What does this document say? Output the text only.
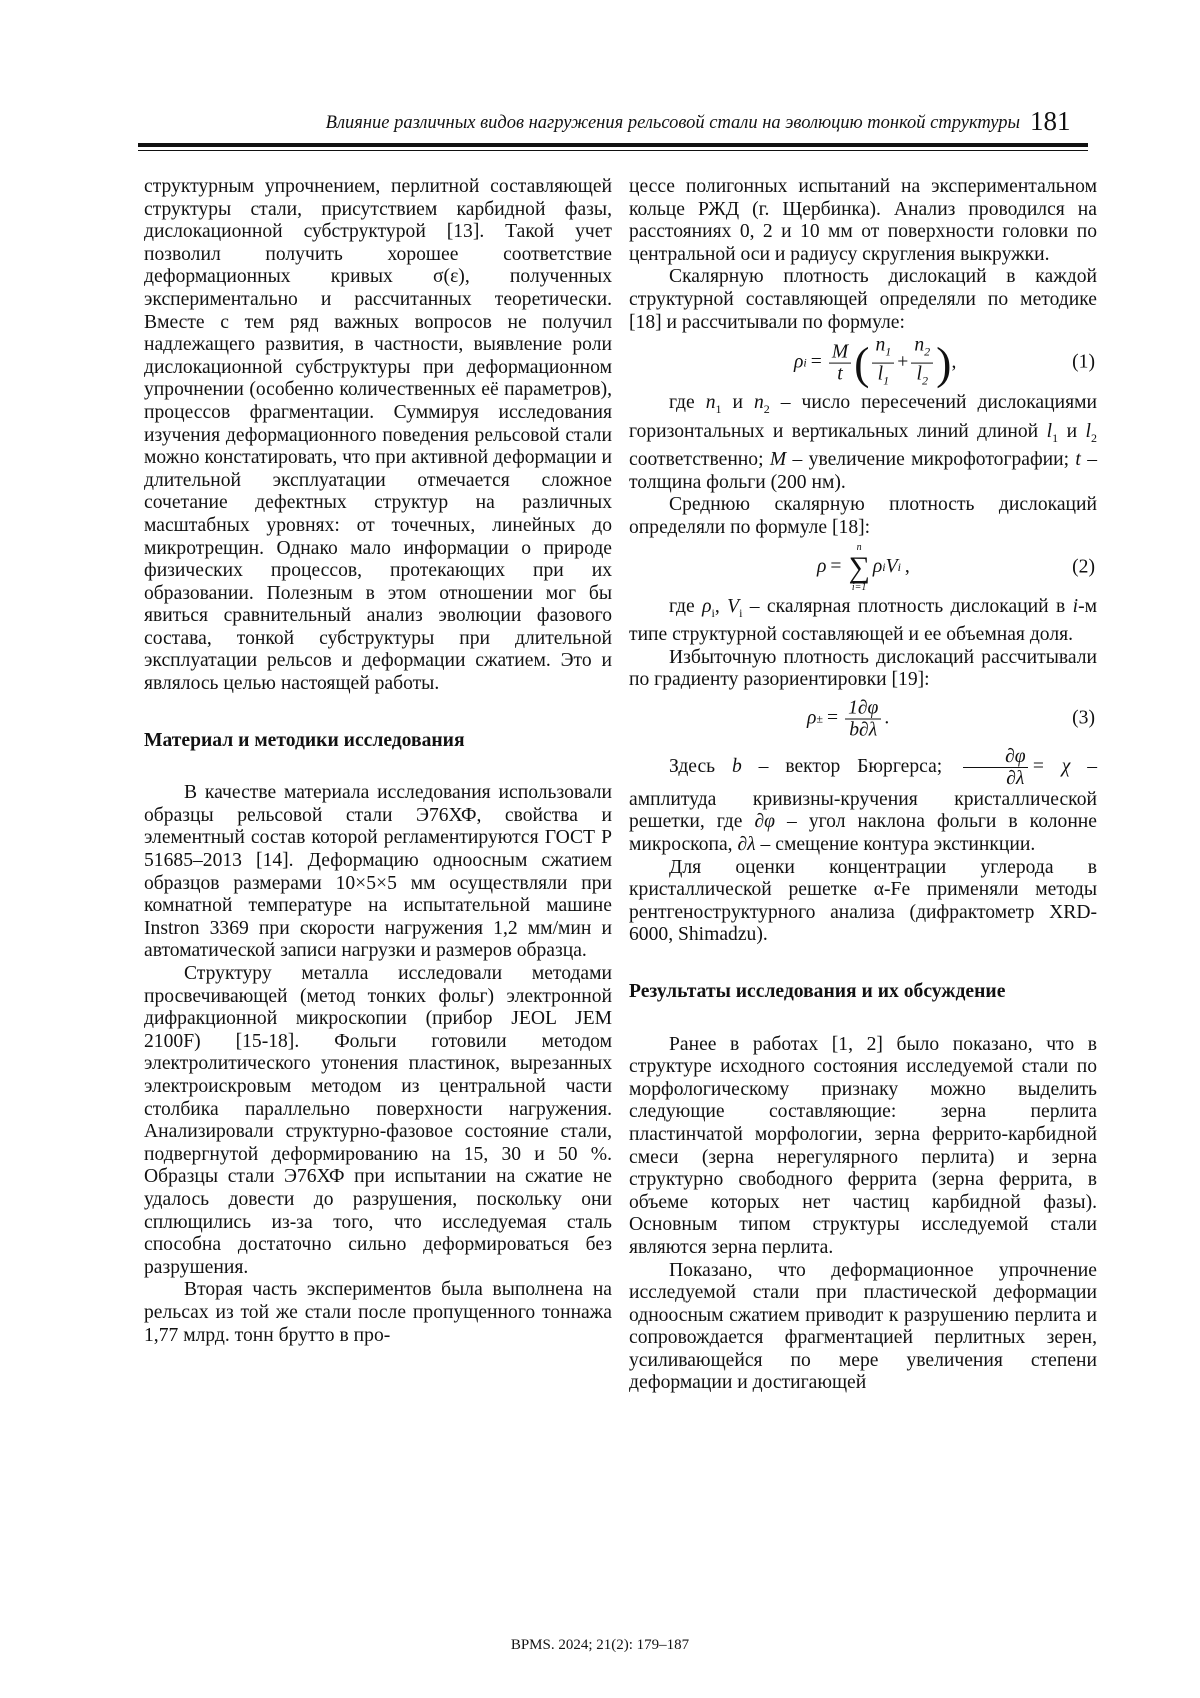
Влияние различных видов нагружения рельсовой стали на эволюцию тонкой структуры 181

структурным упрочнением, перлитной составляющей структуры стали, присутствием карбидной фазы, дислокационной субструктурой [13]. Такой учет позволил получить хорошее соответствие деформационных кривых σ(ε), полученных экспериментально и рассчитанных теоретически. Вместе с тем ряд важных вопросов не получил надлежащего развития, в частности, выявление роли дислокационной субструктуры при деформационном упрочнении (особенно количественных её параметров), процессов фрагментации. Суммируя исследования изучения деформационного поведения рельсовой стали можно констатировать, что при активной деформации и длительной эксплуатации отмечается сложное сочетание дефектных структур на различных масштабных уровнях: от точечных, линейных до микротрещин. Однако мало информации о природе физических процессов, протекающих при их образовании. Полезным в этом отношении мог бы явиться сравнительный анализ эволюции фазового состава, тонкой субструктуры при длительной эксплуатации рельсов и деформации сжатием. Это и являлось целью настоящей работы.

Материал и методики исследования

В качестве материала исследования использовали образцы рельсовой стали Э76ХФ, свойства и элементный состав которой регламентируются ГОСТ Р 51685–2013 [14]. Деформацию одноосным сжатием образцов размерами 10×5×5 мм осуществляли при комнатной температуре на испытательной машине Instron 3369 при скорости нагружения 1,2 мм/мин и автоматической записи нагрузки и размеров образца.

Структуру металла исследовали методами просвечивающей (метод тонких фольг) электронной дифракционной микроскопии (прибор JEOL JEM 2100F) [15-18]. Фольги готовили методом электролитического утонения пластинок, вырезанных электроискровым методом из центральной части столбика параллельно поверхности нагружения. Анализировали структурно-фазовое состояние стали, подвергнутой деформированию на 15, 30 и 50 %. Образцы стали Э76ХФ при испытании на сжатие не удалось довести до разрушения, поскольку они сплющились из-за того, что исследуемая сталь способна достаточно сильно деформироваться без разрушения.

Вторая часть экспериментов была выполнена на рельсах из той же стали после пропущенного тоннажа 1,77 млрд. тонн брутто в про-

цессе полигонных испытаний на экспериментальном кольце РЖД (г. Щербинка). Анализ проводился на расстояниях 0, 2 и 10 мм от поверхности головки по центральной оси и радиусу скругления выкружки.

Скалярную плотность дислокаций в каждой структурной составляющей определяли по методике [18] и рассчитывали по формуле:

ρ $i = \frac{M}{t}$ ( $\frac{n_1}{l_1} + \frac{n_2}{l_2}$ ) ,	(1)

где $n_1$ и $n_2$ – число пересечений дислокациями горизонтальных и вертикальных линий длиной $l_1$ и $l_2$ соответственно; M – увеличение микрофотографии; t – толщина фольги (200 нм).

Среднюю скалярную плотность дислокаций определяли по формуле [18]:

ρ =
n
∑
i=1
ρ i V i ,	(2)

где $\rho_i$, $V_i$ – скалярная плотность дислокаций в i-м типе структурной составляющей и ее объемная доля.

Избыточную плотность дислокаций рассчитывали по градиенту разориентировки [19]:

ρ ± = $\frac{1\partial\varphi}{b\partial\lambda}$ .	(3)

Здесь b – вектор Бюргерса; $\frac{\partial\varphi}{\partial\lambda} = \chi$ – амплитуда кривизны-кручения кристаллической решетки, где ∂φ – угол наклона фольги в колонне микроскопа, ∂λ – смещение контура экстинкции.

Для оценки концентрации углерода в кристаллической решетке α-Fe применяли методы рентгеноструктурного анализа (дифрактометр XRD-6000, Shimadzu).

Результаты исследования и их обсуждение

Ранее в работах [1, 2] было показано, что в структуре исходного состояния исследуемой стали по морфологическому признаку можно выделить следующие составляющие: зерна перлита пластинчатой морфологии, зерна феррито-карбидной смеси (зерна нерегулярного перлита) и зерна структурно свободного феррита (зерна феррита, в объеме которых нет частиц карбидной фазы). Основным типом структуры исследуемой стали являются зерна перлита.

Показано, что деформационное упрочнение исследуемой стали при пластической деформации одноосным сжатием приводит к разрушению перлита и сопровождается фрагментацией перлитных зерен, усиливающейся по мере увеличения степени деформации и достигающей

BPMS. 2024; 21(2): 179–187
